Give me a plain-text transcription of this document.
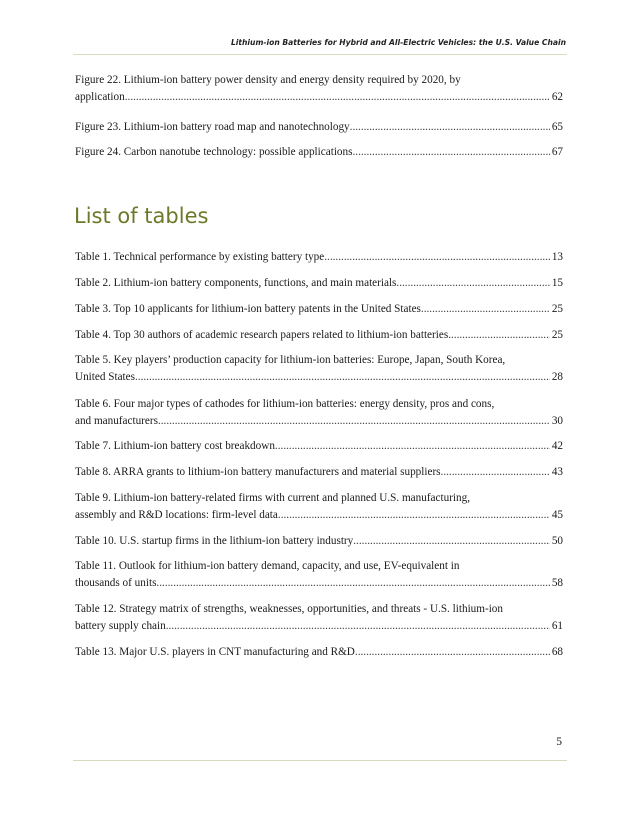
Lithium-ion Batteries for Hybrid and All-Electric Vehicles: the U.S. Value Chain
Figure 22. Lithium-ion battery power density and energy density required by 2020, by
application .....	62
Figure 23. Lithium-ion battery road map and nanotechnology .....	65
Figure 24. Carbon nanotube technology: possible applications .....	67
List of tables
Table 1. Technical performance by existing battery type .....	13
Table 2. Lithium-ion battery components, functions, and main materials .....	15
Table 3. Top 10 applicants for lithium-ion battery patents in the United States .....	25
Table 4. Top 30 authors of academic research papers related to lithium-ion batteries .....	25
Table 5. Key players’ production capacity for lithium-ion batteries: Europe, Japan, South Korea,
United States .....	28
Table 6. Four major types of cathodes for lithium-ion batteries: energy density, pros and cons,
and manufacturers .....	30
Table 7. Lithium-ion battery cost breakdown .....	42
Table 8. ARRA grants to lithium-ion battery manufacturers and material suppliers .....	43
Table 9. Lithium-ion battery-related firms with current and planned U.S. manufacturing,
assembly and R&D locations: firm-level data .....	45
Table 10. U.S. startup firms in the lithium-ion battery industry .....	50
Table 11. Outlook for lithium-ion battery demand, capacity, and use, EV-equivalent in
thousands of units .....	58
Table 12. Strategy matrix of strengths, weaknesses, opportunities, and threats - U.S. lithium-ion
battery supply chain .....	61
Table 13. Major U.S. players in CNT manufacturing and R&D .....	68
5
